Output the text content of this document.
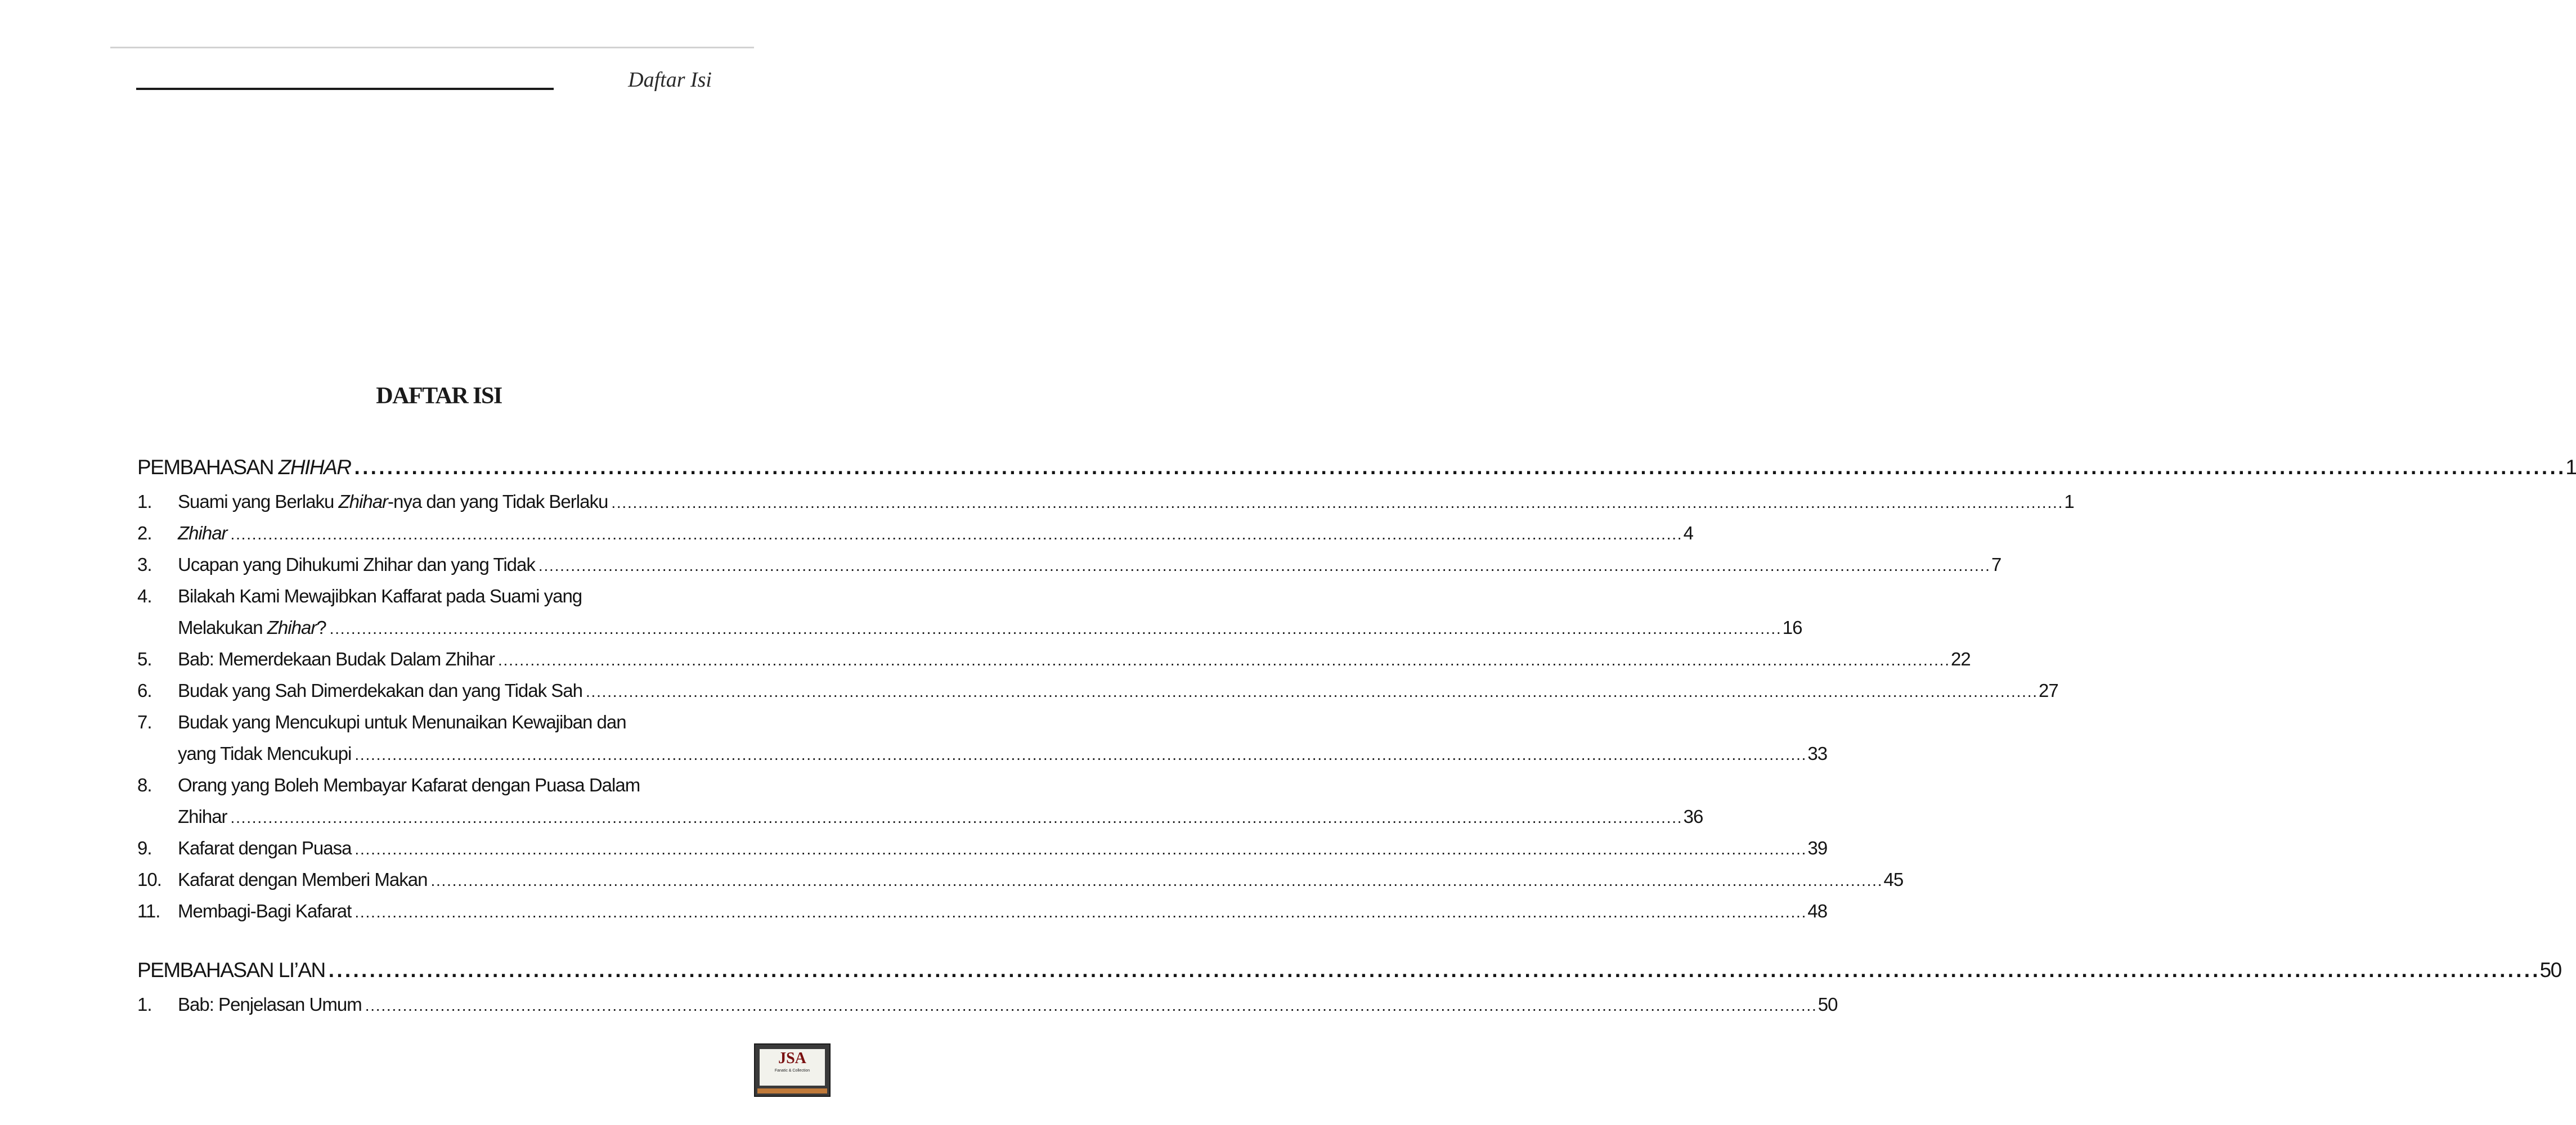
Daftar Isi
DAFTAR ISI
PEMBAHASAN ZHIHAR . . .	1
1.	Suami yang Berlaku Zhihar-nya dan yang Tidak Berlaku . . .	1
2.	Zhihar . . .	4
3.	Ucapan yang Dihukumi Zhihar dan yang Tidak . . .	7
4.	Bilakah Kami Mewajibkan Kaffarat pada Suami yang
Melakukan Zhihar? . . .	16
5.	Bab: Memerdekaan Budak Dalam Zhihar . . .	22
6.	Budak yang Sah Dimerdekakan dan yang Tidak Sah . . .	27
7.	Budak yang Mencukupi untuk Menunaikan Kewajiban dan
yang Tidak Mencukupi . . .	33
8.	Orang yang Boleh Membayar Kafarat dengan Puasa Dalam
Zhihar . . .	36
9.	Kafarat dengan Puasa . . .	39
10. Kafarat dengan Memberi Makan . . .	45
11. Membagi-Bagi Kafarat . . .	48
PEMBAHASAN LI’AN . . .	50
1.	Bab: Penjelasan Umum . . .	50
JSA
Fanatic & Collection
